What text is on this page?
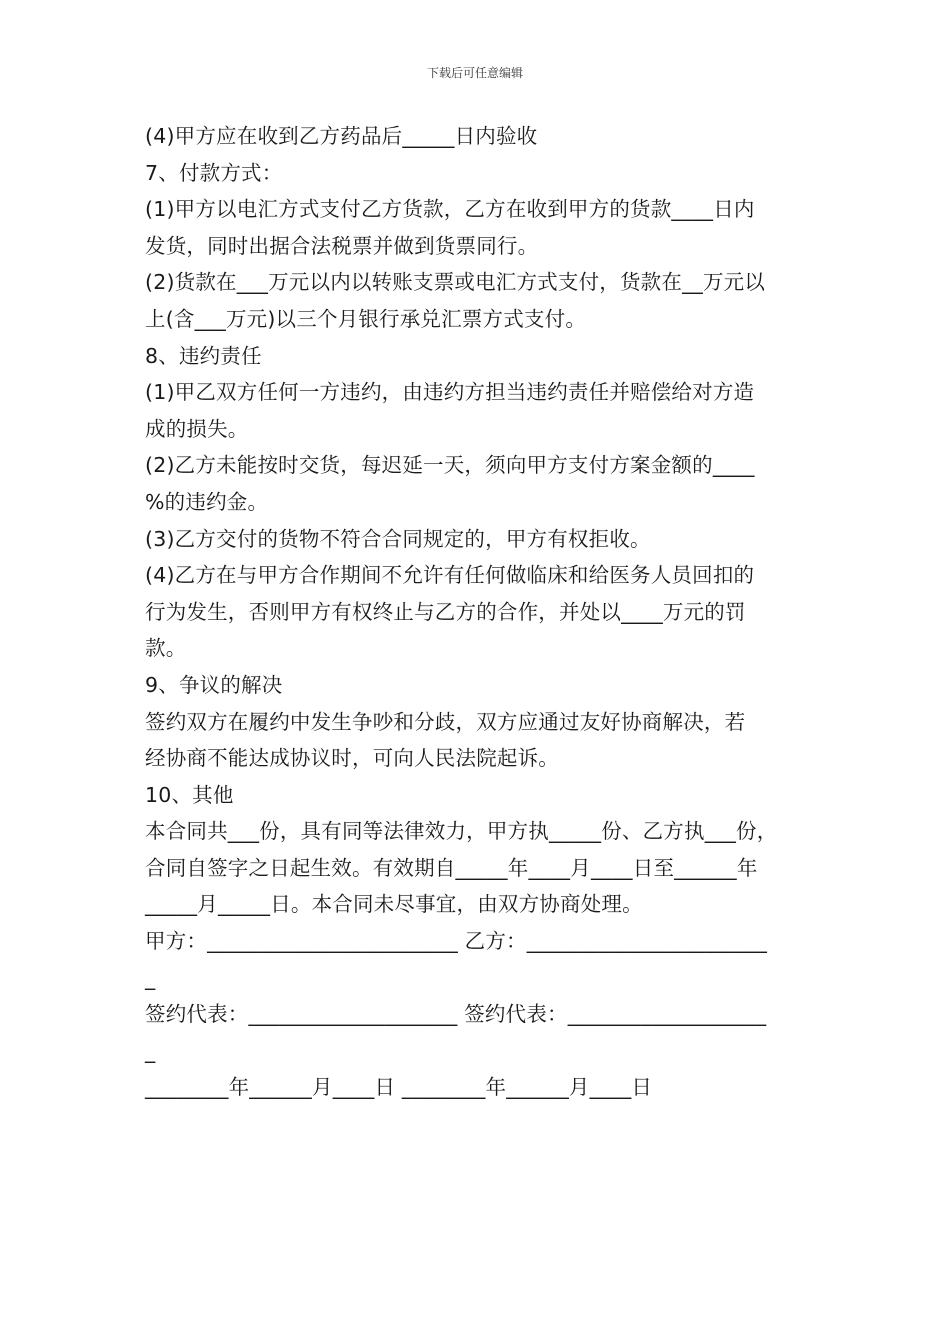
下载后可任意编辑
(4)甲方应在收到乙方药品后_____日内验收
7、付款方式：
(1)甲方以电汇方式支付乙方货款，乙方在收到甲方的货款____日内
发货，同时出据合法税票并做到货票同行。
(2)货款在___万元以内以转账支票或电汇方式支付，货款在__万元以
上(含___万元)以三个月银行承兑汇票方式支付。
8、违约责任
(1)甲乙双方任何一方违约，由违约方担当违约责任并赔偿给对方造
成的损失。
(2)乙方未能按时交货，每迟延一天，须向甲方支付方案金额的____
%的违约金。
(3)乙方交付的货物不符合合同规定的，甲方有权拒收。
(4)乙方在与甲方合作期间不允许有任何做临床和给医务人员回扣的
行为发生，否则甲方有权终止与乙方的合作，并处以____万元的罚
款。
9、争议的解决
签约双方在履约中发生争吵和分歧，双方应通过友好协商解决，若
经协商不能达成协议时，可向人民法院起诉。
10、其他
本合同共___份，具有同等法律效力，甲方执_____份、乙方执___份，
合同自签字之日起生效。有效期自_____年____月____日至______年
_____月_____日。本合同未尽事宜，由双方协商处理。
甲方：________________________ 乙方：_______________________
_
签约代表：____________________ 签约代表：___________________
_
________年______月____日 ________年______月____日
